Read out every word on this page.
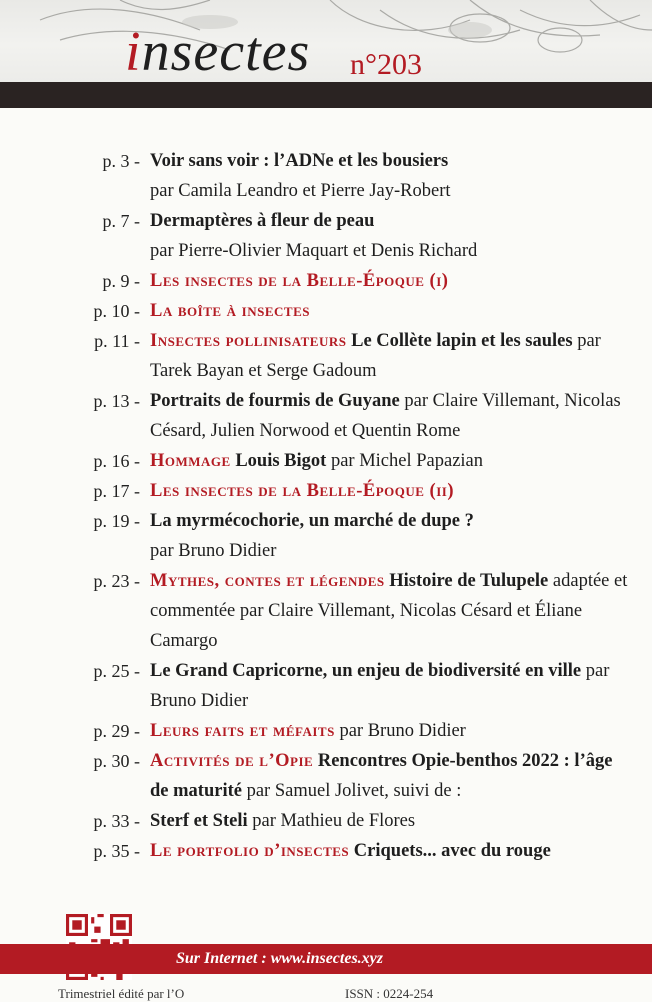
insectes n°203
p. 3 - Voir sans voir : l’ADNe et les bousiers
par Camila Leandro et Pierre Jay-Robert
p. 7 - Dermaptères à fleur de peau
par Pierre-Olivier Maquart et Denis Richard
p. 9 - Les insectes de la Belle-Époque (i)
p. 10 - La boîte à insectes
p. 11 - Insectes pollinisateurs Le Collète lapin et les saules par Tarek Bayan et Serge Gadoum
p. 13 - Portraits de fourmis de Guyane par Claire Villemant, Nicolas Césard, Julien Norwood et Quentin Rome
p. 16 - Hommage Louis Bigot par Michel Papazian
p. 17 - Les insectes de la Belle-Époque (ii)
p. 19 - La myrmécochorie, un marché de dupe ?
par Bruno Didier
p. 23 - Mythes, contes et légendes Histoire de Tulupele adaptée et commentée par Claire Villemant, Nicolas Césard et Éliane Camargo
p. 25 - Le Grand Capricorne, un enjeu de biodiversité en ville par Bruno Didier
p. 29 - Leurs faits et méfaits par Bruno Didier
p. 30 - Activités de l’Opie Rencontres Opie-benthos 2022 : l’âge de maturité par Samuel Jolivet, suivi de :
p. 33 - Sterf et Steli par Mathieu de Flores
p. 35 - Le portfolio d’insectes Criquets... avec du rouge
Sur Internet : www.insectes.xyz
Trimestriel édité par l’O	ISSN : 0224-254
